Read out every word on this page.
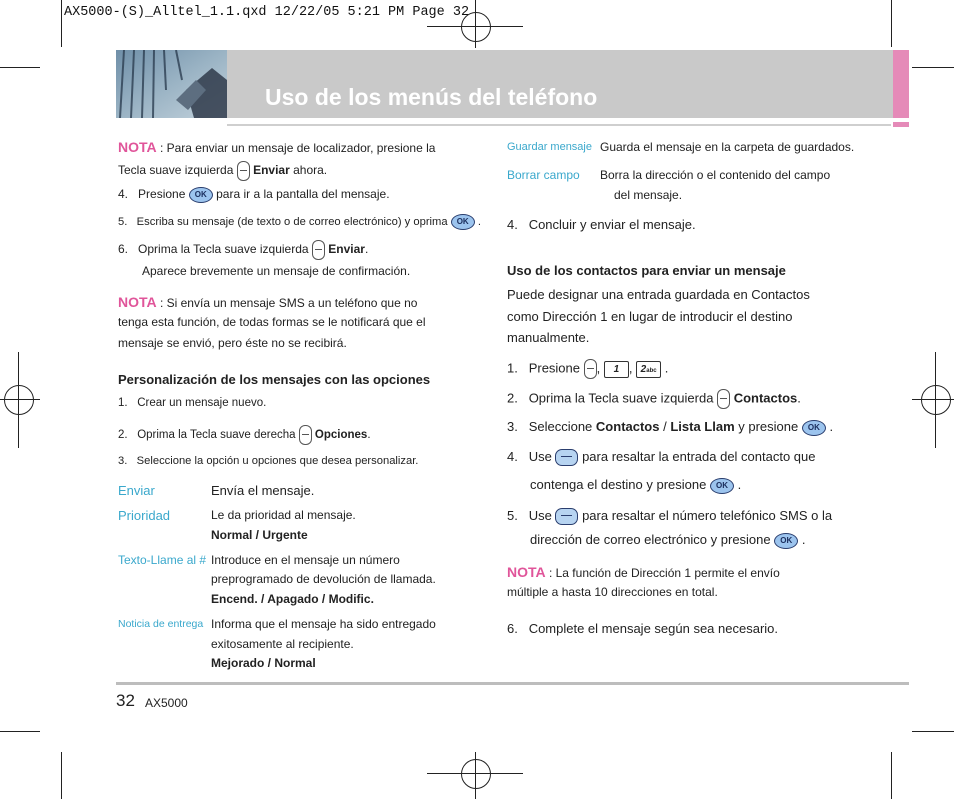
AX5000-(S)_Alltel_1.1.qxd 12/22/05 5:21 PM Page 32
Uso de los menús del teléfono
NOTA : Para enviar un mensaje de localizador, presione la
Tecla suave izquierda Enviar ahora.
4. Presione OK para ir a la pantalla del mensaje.
5. Escriba su mensaje (de texto o de correo electrónico) y oprima OK .
6. Oprima la Tecla suave izquierda Enviar.
Aparece brevemente un mensaje de confirmación.
NOTA : Si envía un mensaje SMS a un teléfono que no
tenga esta función, de todas formas se le notificará que el
mensaje se envió, pero éste no se recibirá.
Personalización de los mensajes con las opciones
1. Crear un mensaje nuevo.
2. Oprima la Tecla suave derecha Opciones.
3. Seleccione la opción u opciones que desea personalizar.
Enviar	Envía el mensaje.
Prioridad	Le da prioridad al mensaje.
Normal / Urgente
Texto-Llame al # Introduce en el mensaje un número
preprogramado de devolución de llamada.
Encend. / Apagado / Modific.
Noticia de entrega Informa que el mensaje ha sido entregado
exitosamente al recipiente.
Mejorado / Normal
Guardar mensaje Guarda el mensaje en la carpeta de guardados.
Borrar campo Borra la dirección o el contenido del campo
del mensaje.
4. Concluir y enviar el mensaje.
Uso de los contactos para enviar un mensaje
Puede designar una entrada guardada en Contactos
como Dirección 1 en lugar de introducir el destino
manualmente.
1. Presione , 1 , 2abc .
2. Oprima la Tecla suave izquierda Contactos.
3. Seleccione Contactos / Lista Llam y presione OK .
4. Use para resaltar la entrada del contacto que
contenga el destino y presione OK .
5. Use para resaltar el número telefónico SMS o la
dirección de correo electrónico y presione OK .
NOTA : La función de Dirección 1 permite el envío
múltiple a hasta 10 direcciones en total.
6. Complete el mensaje según sea necesario.
32 AX5000
